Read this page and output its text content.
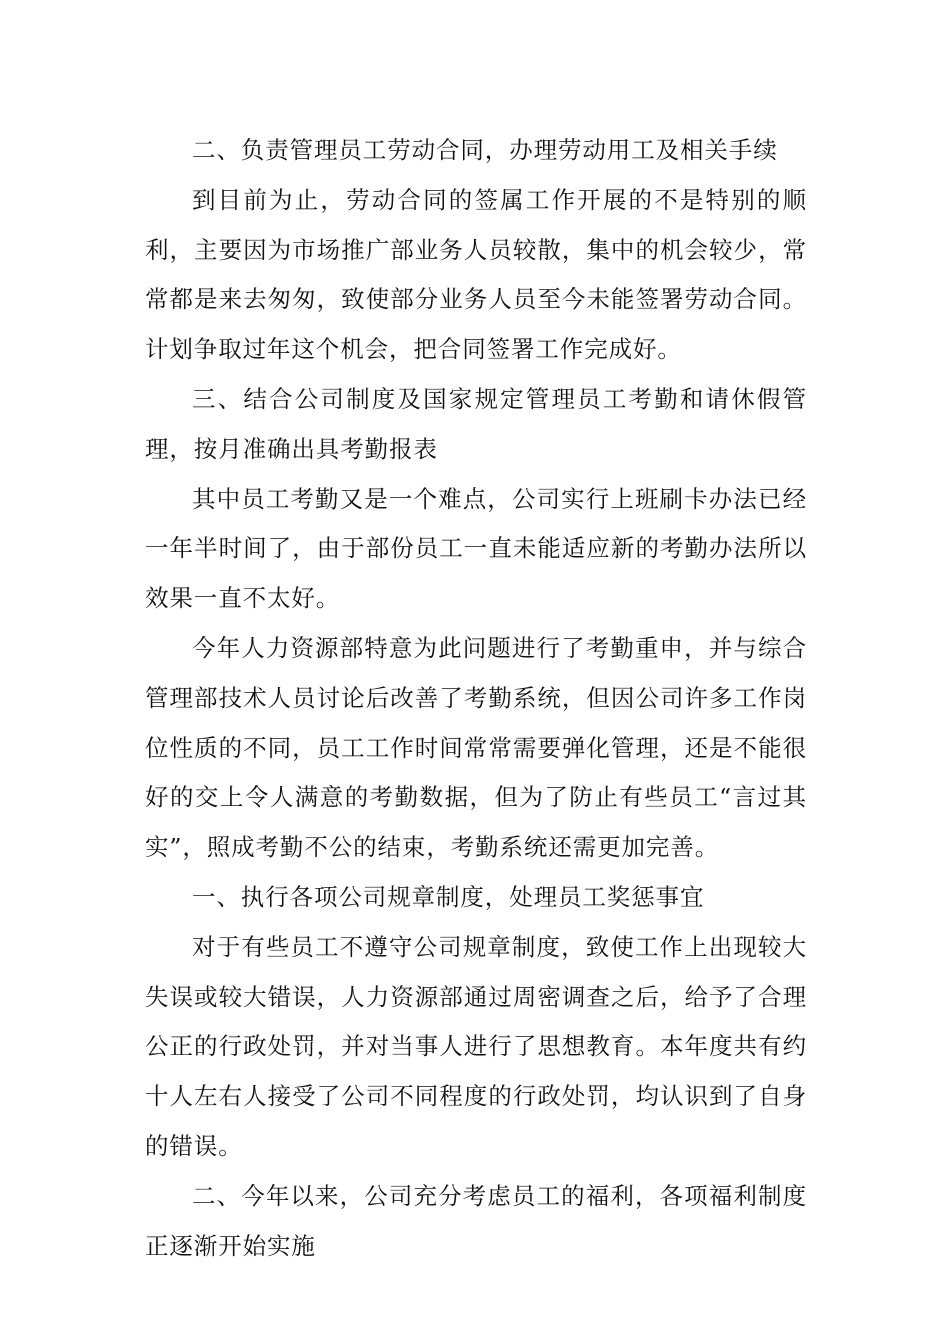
二、负责管理员工劳动合同，办理劳动用工及相关手续

到目前为止，劳动合同的签属工作开展的不是特别的顺利，主要因为市场推广部业务人员较散，集中的机会较少，常常都是来去匆匆，致使部分业务人员至今未能签署劳动合同。计划争取过年这个机会，把合同签署工作完成好。

三、结合公司制度及国家规定管理员工考勤和请休假管理，按月准确出具考勤报表

其中员工考勤又是一个难点，公司实行上班刷卡办法已经一年半时间了，由于部份员工一直未能适应新的考勤办法所以效果一直不太好。

今年人力资源部特意为此问题进行了考勤重申，并与综合管理部技术人员讨论后改善了考勤系统，但因公司许多工作岗位性质的不同，员工工作时间常常需要弹化管理，还是不能很好的交上令人满意的考勤数据，但为了防止有些员工“言过其实”，照成考勤不公的结束，考勤系统还需更加完善。

一、执行各项公司规章制度，处理员工奖惩事宜

对于有些员工不遵守公司规章制度，致使工作上出现较大失误或较大错误，人力资源部通过周密调查之后，给予了合理公正的行政处罚，并对当事人进行了思想教育。本年度共有约十人左右人接受了公司不同程度的行政处罚，均认识到了自身的错误。

二、今年以来，公司充分考虑员工的福利，各项福利制度正逐渐开始实施
